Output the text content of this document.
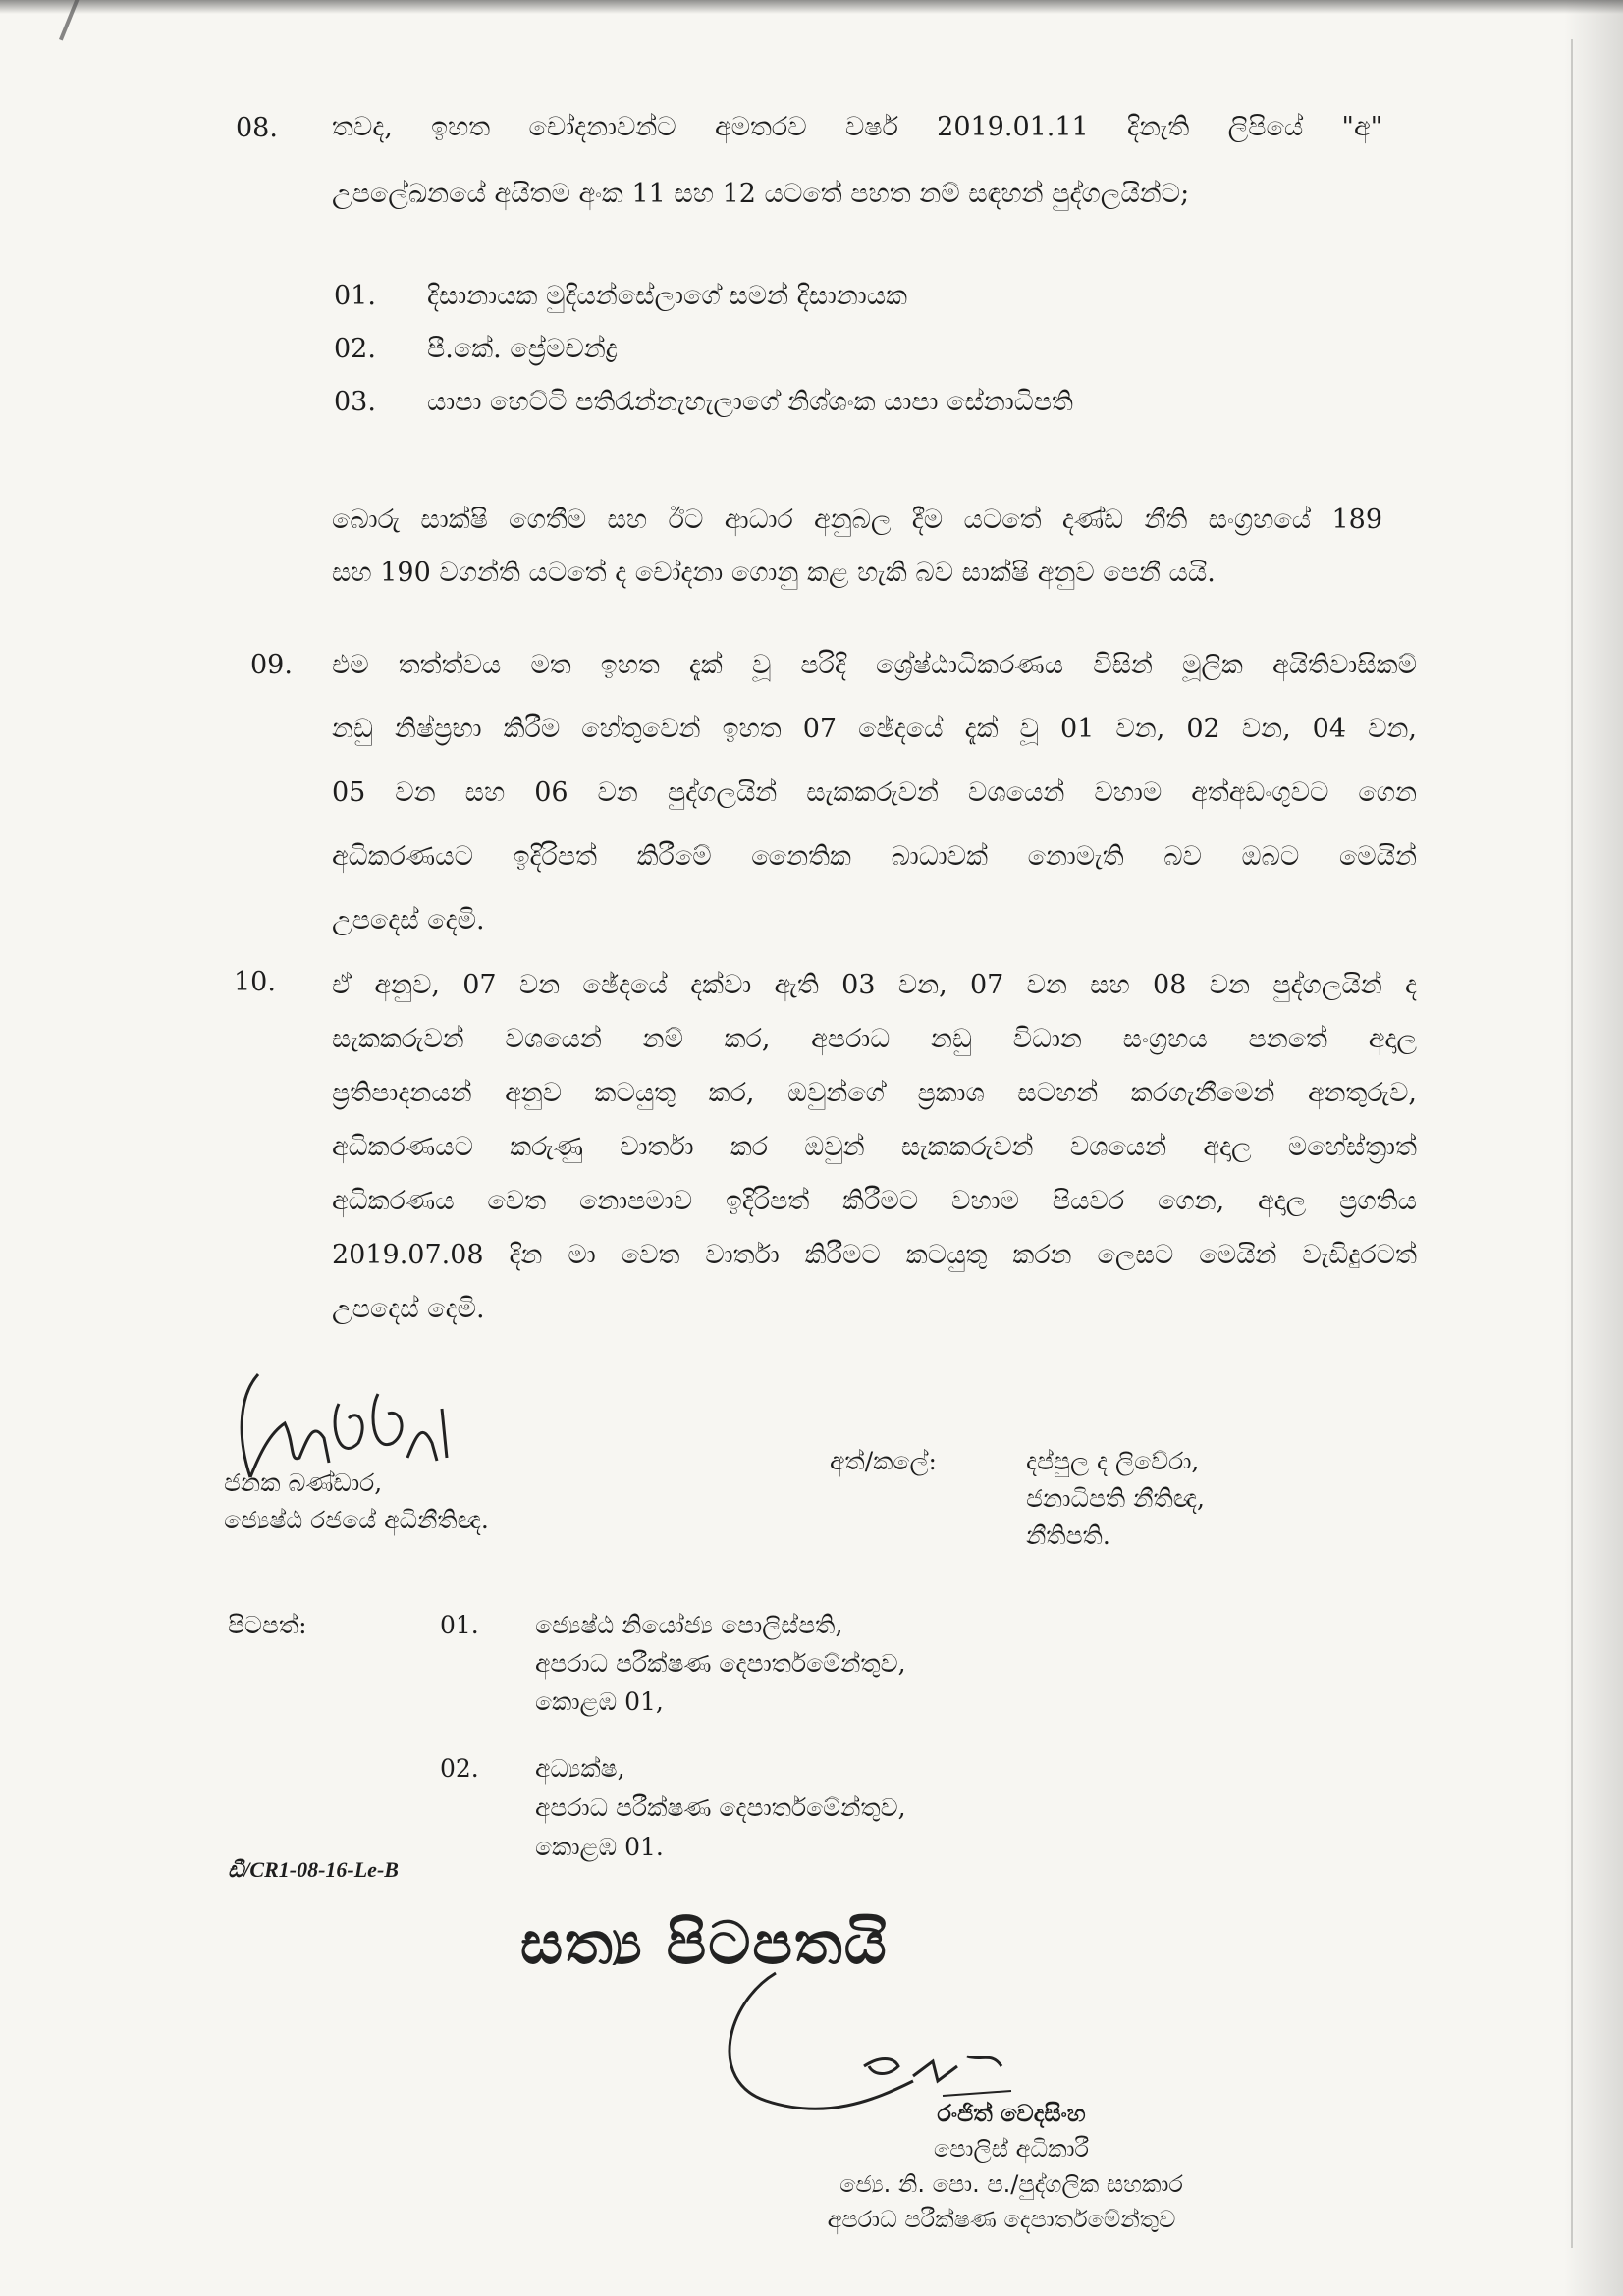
08. තවද, ඉහත චෝදනාවන්ට අමතරව වර්ෂ 2019.01.11 දිනැති ලිපියේ "අ"
උපලේඛනයේ අයිතම අංක 11 සහ 12 යටතේ පහත නම් සඳහන් පුද්ගලයින්ට;
01. දිසානායක මුදියන්සේලාගේ සමන් දිසානායක
02. පී.කේ. ප්‍රේමචන්ද්‍ර
03. යාපා හෙට්ටි පතිරැන්නැහැලාගේ නිශ්ශංක යාපා සේනාධිපති
බොරු සාක්ෂි ගෙතීම සහ ඊට ආධාර අනුබල දීම යටතේ දණ්ඩ නීති සංග්‍රහයේ 189
සහ 190 වගන්ති යටතේ ද චෝදනා ගොනු කළ හැකි බව සාක්ෂි අනුව පෙනී යයි.
09. එම තත්ත්වය මත ඉහත දැක් වූ පරිදි ශ්‍රේෂ්ඨාධිකරණය විසින් මූලික අයිතිවාසිකම්
නඩු නිෂ්ප්‍රභා කිරීම හේතුවෙන් ඉහත 07 ඡේදයේ දැක් වූ 01 වන, 02 වන, 04 වන,
05 වන සහ 06 වන පුද්ගලයින් සැකකරුවන් වශයෙන් වහාම අත්අඩංගුවට ගෙන
අධිකරණයට ඉදිරිපත් කිරීමේ නෛතික බාධාවක් නොමැති බව ඔබට මෙයින්
උපදෙස් දෙමි.
10. ඒ අනුව, 07 වන ඡේදයේ දක්වා ඇති 03 වන, 07 වන සහ 08 වන පුද්ගලයින් ද
සැකකරුවන් වශයෙන් නම් කර, අපරාධ නඩු විධාන සංග්‍රහය පනතේ අදාල
ප්‍රතිපාදනයන් අනුව කටයුතු කර, ඔවුන්ගේ ප්‍රකාශ සටහන් කරගැනීමෙන් අනතුරුව,
අධිකරණයට කරුණු වාර්තා කර ඔවුන් සැකකරුවන් වශයෙන් අදාල මහේස්ත්‍රාත්
අධිකරණය වෙත නොපමාව ඉදිරිපත් කිරීමට වහාම පියවර ගෙන, අදාල ප්‍රගතිය
2019.07.08 දින මා වෙත වාර්තා කිරීමට කටයුතු කරන ලෙසට මෙයින් වැඩිදුරටත්
උපදෙස් දෙමි.
ජනක බණ්ඩාර,
ජ්‍යෙෂ්ඨ රජයේ අධිනීතිඥ.
අත්/කලේ:	දප්පුල ද ලිවේරා,
ජනාධිපති නීතිඥ,
නීතිපති.
පිටපත්:	01. ජ්‍යෙෂ්ඨ නියෝජ්‍ය පොලිස්පති,
අපරාධ පරීක්ෂණ දෙපාර්තමේන්තුව,
කොළඹ 01,
02. අධ්‍යක්ෂ,
අපරාධ පරීක්ෂණ දෙපාර්තමේන්තුව,
කොළඹ 01.
ඩී/CR1-08-16-Le-B
සත්‍ය පිටපතයි
රංජිත් වෙදසිංහ
පොලිස් අධිකාරී
ජ්‍යෙ. නි. පො. ප./පුද්ගලික සහකාර
අපරාධ පරීක්ෂණ දෙපාර්තමේන්තුව
